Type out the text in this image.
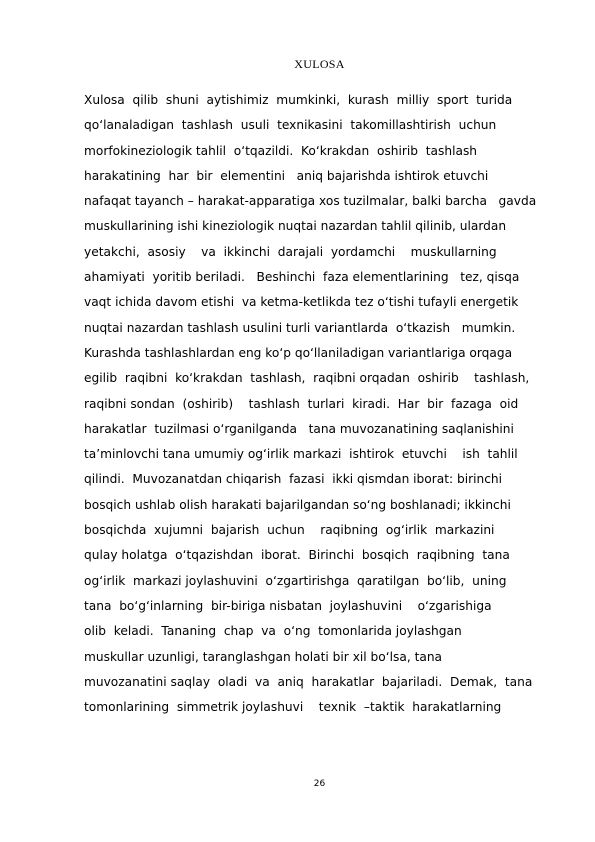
XULOSA
Xulosa  qilib  shuni  aytishimiz  mumkinki,  kurash  milliy  sport  turida
qo‘lanaladigan  tashlash  usuli  texnikasini  takomillashtirish  uchun
morfokineziologik tahlil  o‘tqazildi.  Ko‘krakdan  oshirib  tashlash
harakatining  har  bir  elementini   aniq bajarishda ishtirok etuvchi
nafaqat tayanch – harakat-apparatiga xos tuzilmalar, balki barcha   gavda
muskullarining ishi kineziologik nuqtai nazardan tahlil qilinib, ulardan
yetakchi,  asosiy    va  ikkinchi  darajali  yordamchi    muskullarning
ahamiyati  yoritib beriladi.   Beshinchi  faza elementlarining   tez, qisqa
vaqt ichida davom etishi  va ketma-ketlikda tez o‘tishi tufayli energetik
nuqtai nazardan tashlash usulini turli variantlarda  o‘tkazish   mumkin.
Kurashda tashlashlardan eng ko‘p qo‘llaniladigan variantlariga orqaga
egilib  raqibni  ko‘krakdan  tashlash,  raqibni orqadan  oshirib    tashlash,
raqibni sondan  (oshirib)    tashlash  turlari  kiradi.  Har  bir  fazaga  oid
harakatlar  tuzilmasi o‘rganilganda   tana muvozanatining saqlanishini
ta’minlovchi tana umumiy og‘irlik markazi  ishtirok  etuvchi    ish  tahlil
qilindi.  Muvozanatdan chiqarish  fazasi  ikki qismdan iborat: birinchi
bosqich ushlab olish harakati bajarilgandan so‘ng boshlanadi; ikkinchi
bosqichda  xujumni  bajarish  uchun    raqibning  og‘irlik  markazini
qulay holatga  o‘tqazishdan  iborat.  Birinchi  bosqich  raqibning  tana
og‘irlik  markazi joylashuvini  o‘zgartirishga  qaratilgan  bo‘lib,  uning
tana  bo‘g‘inlarning  bir-biriga nisbatan  joylashuvini    o‘zgarishiga
olib  keladi.  Tananing  chap  va  o‘ng  tomonlarida joylashgan
muskullar uzunligi, taranglashgan holati bir xil bo‘lsa, tana
muvozanatini saqlay  oladi  va  aniq  harakatlar  bajariladi.  Demak,  tana
tomonlarining  simmetrik joylashuvi    texnik  –taktik  harakatlarning
26
